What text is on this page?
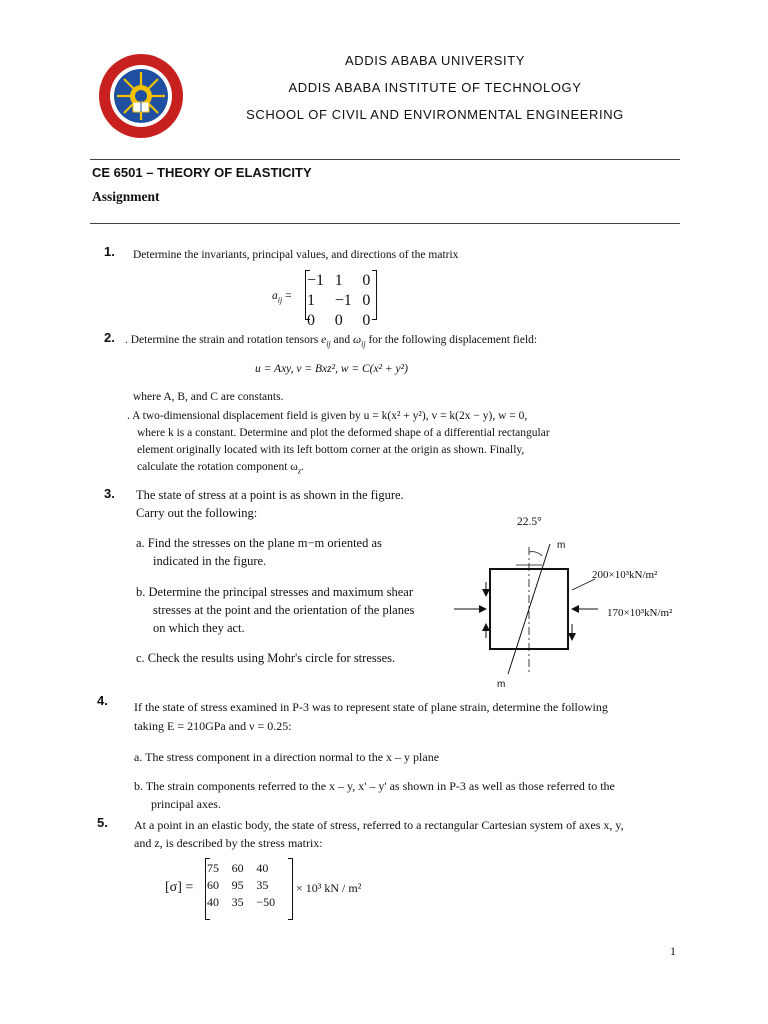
ADDIS ABABA UNIVERSITY
ADDIS ABABA INSTITUTE OF TECHNOLOGY
SCHOOL OF CIVIL AND ENVIRONMENTAL ENGINEERING
CE 6501 – THEORY OF ELASTICITY
Assignment
1. Determine the invariants, principal values, and directions of the matrix
$a_{ij}$ =
−1	1	0
1	−1	0
0	0	0
2. . Determine the strain and rotation tensors $e_{ij}$ and $\omega_{ij}$ for the following displacement field:
u = Axy, v = Bxz², w = C(x² + y²)
where A, B, and C are constants.
. A two-dimensional displacement field is given by u = k(x² + y²), v = k(2x − y), w = 0,
where k is a constant. Determine and plot the deformed shape of a differential rectangular
element originally located with its left bottom corner at the origin as shown. Finally,
calculate the rotation component $\omega_z$.
3. The state of stress at a point is as shown in the figure.
Carry out the following:
a. Find the stresses on the plane m−m oriented as
indicated in the figure.
b. Determine the principal stresses and maximum shear
stresses at the point and the orientation of the planes
on which they act.
c. Check the results using Mohr's circle for stresses.
22.5°
m
m
200×10³kN/m²
170×10³kN/m²
4. If the state of stress examined in P-3 was to represent state of plane strain, determine the following
taking E = 210GPa and ν = 0.25:
a. The stress component in a direction normal to the x – y plane
b. The strain components referred to the x – y, x' – y' as shown in P-3 as well as those referred to the
principal axes.
5. At a point in an elastic body, the state of stress, referred to a rectangular Cartesian system of axes x, y,
and z, is described by the stress matrix:
[σ] =
75	60	40
60	95	35
40	35	−50
× 10³ kN / m²
1
